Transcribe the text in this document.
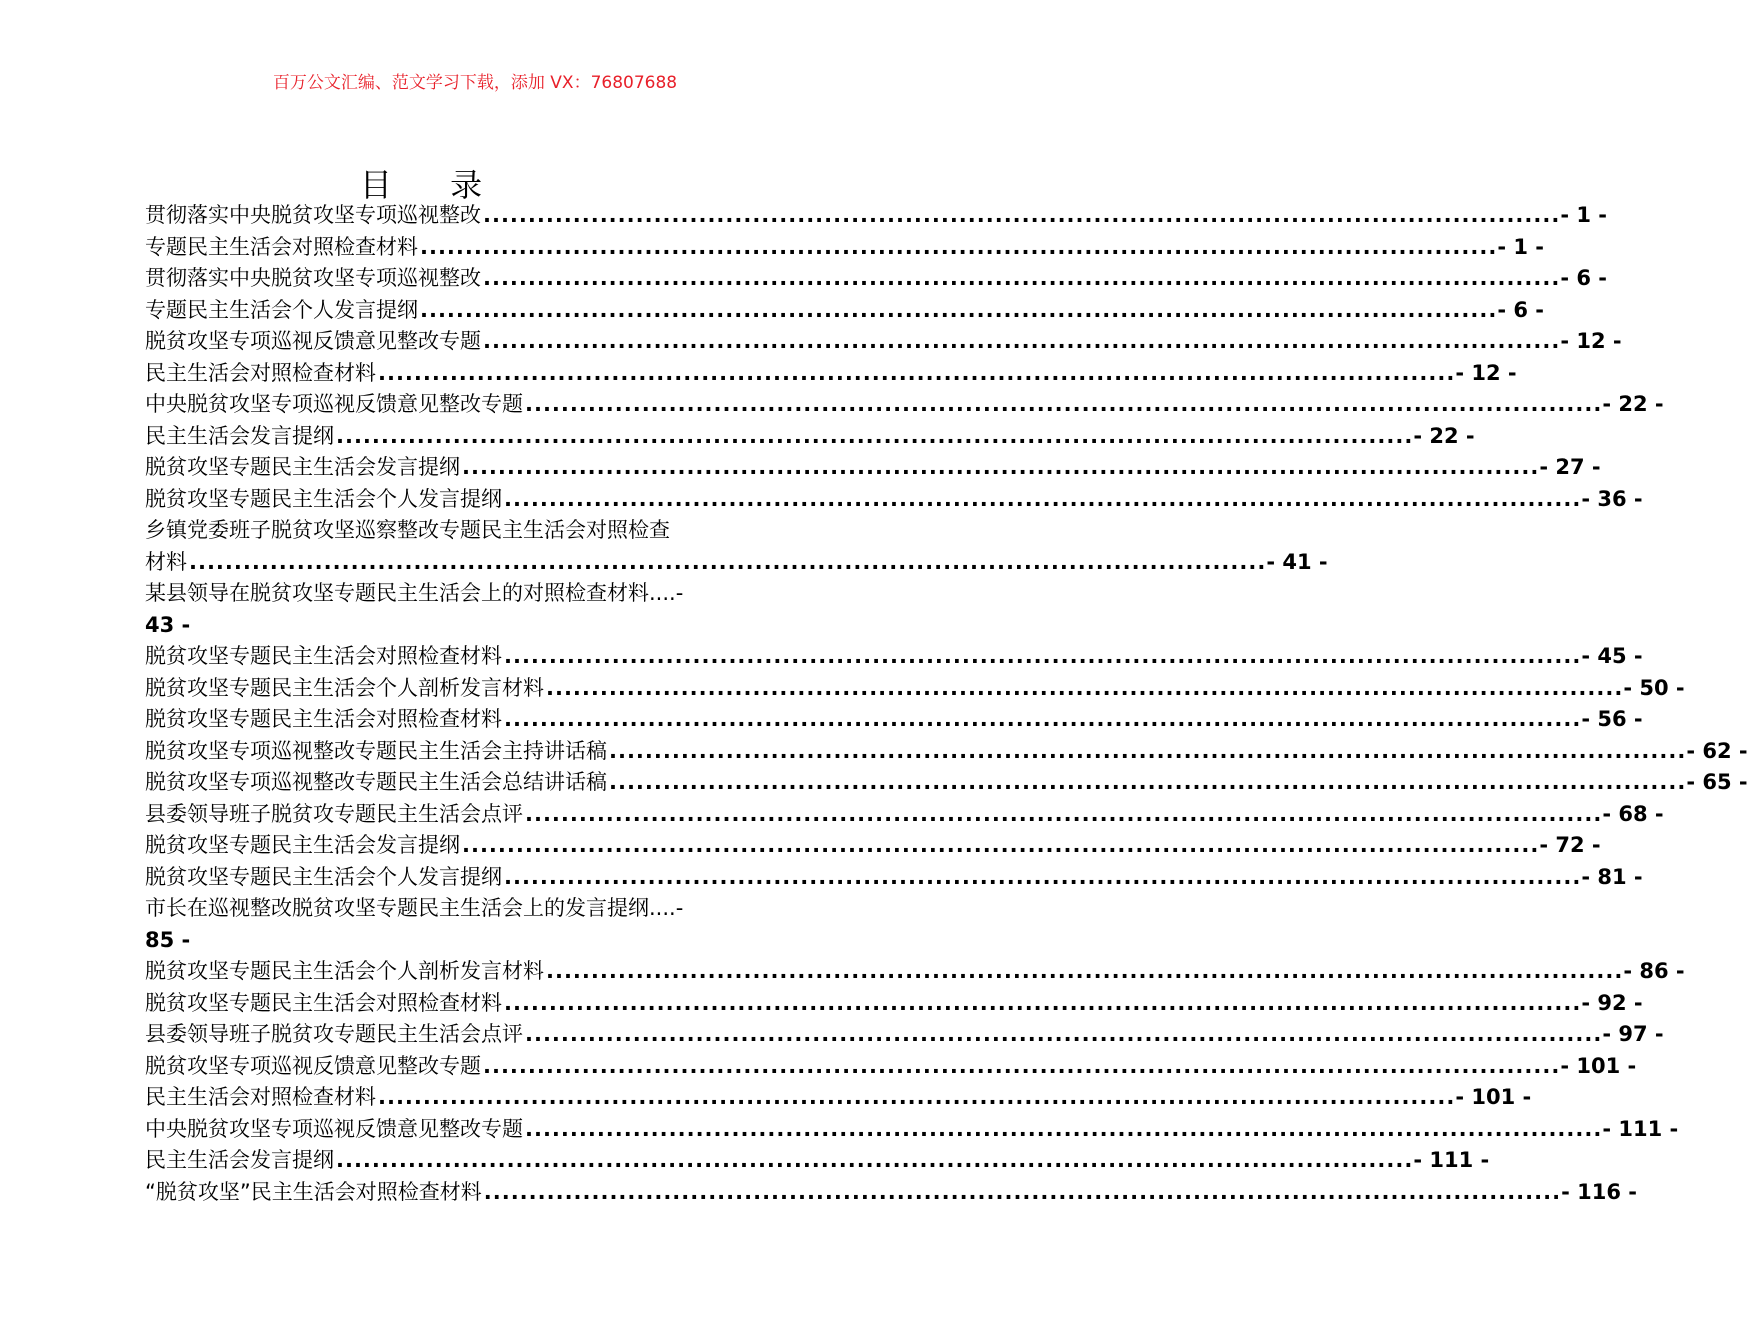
百万公文汇编、范文学习下载，添加 VX：76807688
目 录
贯彻落实中央脱贫攻坚专项巡视整改 ........................................................................................................................ - 1 -
专题民主生活会对照检查材料 ........................................................................................................................ - 1 -
贯彻落实中央脱贫攻坚专项巡视整改 ........................................................................................................................ - 6 -
专题民主生活会个人发言提纲 ........................................................................................................................ - 6 -
脱贫攻坚专项巡视反馈意见整改专题 ........................................................................................................................ - 12 -
民主生活会对照检查材料 ........................................................................................................................ - 12 -
中央脱贫攻坚专项巡视反馈意见整改专题 ........................................................................................................................ - 22 -
民主生活会发言提纲 ........................................................................................................................ - 22 -
脱贫攻坚专题民主生活会发言提纲 ........................................................................................................................ - 27 -
脱贫攻坚专题民主生活会个人发言提纲 ........................................................................................................................ - 36 -
乡镇党委班子脱贫攻坚巡察整改专题民主生活会对照检查
材料 ........................................................................................................................ - 41 -
某县领导在脱贫攻坚专题民主生活会上的对照检查材料....-
43 -
脱贫攻坚专题民主生活会对照检查材料 ........................................................................................................................ - 45 -
脱贫攻坚专题民主生活会个人剖析发言材料 ........................................................................................................................ - 50 -
脱贫攻坚专题民主生活会对照检查材料 ........................................................................................................................ - 56 -
脱贫攻坚专项巡视整改专题民主生活会主持讲话稿 ........................................................................................................................ - 62 -
脱贫攻坚专项巡视整改专题民主生活会总结讲话稿 ........................................................................................................................ - 65 -
县委领导班子脱贫攻专题民主生活会点评 ........................................................................................................................ - 68 -
脱贫攻坚专题民主生活会发言提纲 ........................................................................................................................ - 72 -
脱贫攻坚专题民主生活会个人发言提纲 ........................................................................................................................ - 81 -
市长在巡视整改脱贫攻坚专题民主生活会上的发言提纲....-
85 -
脱贫攻坚专题民主生活会个人剖析发言材料 ........................................................................................................................ - 86 -
脱贫攻坚专题民主生活会对照检查材料 ........................................................................................................................ - 92 -
县委领导班子脱贫攻专题民主生活会点评 ........................................................................................................................ - 97 -
脱贫攻坚专项巡视反馈意见整改专题 ........................................................................................................................ - 101 -
民主生活会对照检查材料 ........................................................................................................................ - 101 -
中央脱贫攻坚专项巡视反馈意见整改专题 ........................................................................................................................ - 111 -
民主生活会发言提纲 ........................................................................................................................ - 111 -
“脱贫攻坚”民主生活会对照检查材料 ........................................................................................................................ - 116 -
